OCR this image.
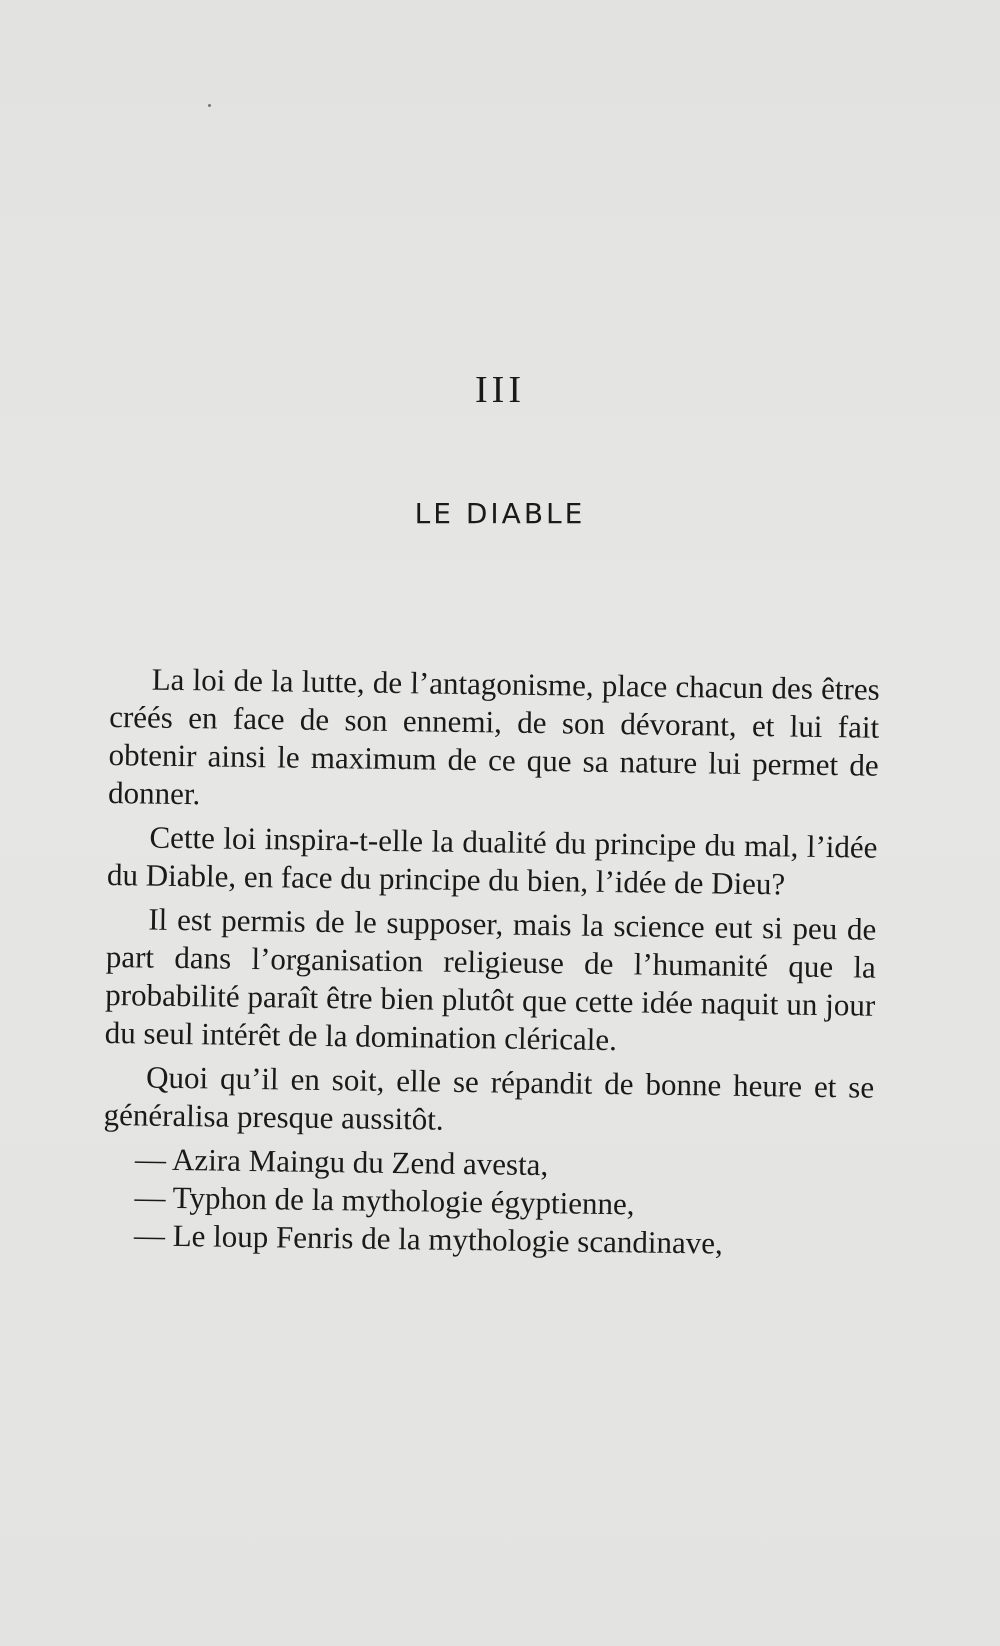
III
LE DIABLE

La loi de la lutte, de l’antagonisme, place chacun des êtres créés en face de son ennemi, de son dévorant, et lui fait obtenir ainsi le maximum de ce que sa nature lui permet de donner.

Cette loi inspira-t-elle la dualité du principe du mal, l’idée du Diable, en face du principe du bien, l’idée de Dieu?

Il est permis de le supposer, mais la science eut si peu de part dans l’organisation religieuse de l’humanité que la probabilité paraît être bien plutôt que cette idée naquit un jour du seul intérêt de la domination cléricale.

Quoi qu’il en soit, elle se répandit de bonne heure et se généralisa presque aussitôt.

— Azira Maingu du Zend avesta,

— Typhon de la mythologie égyptienne,

— Le loup Fenris de la mythologie scandinave,
